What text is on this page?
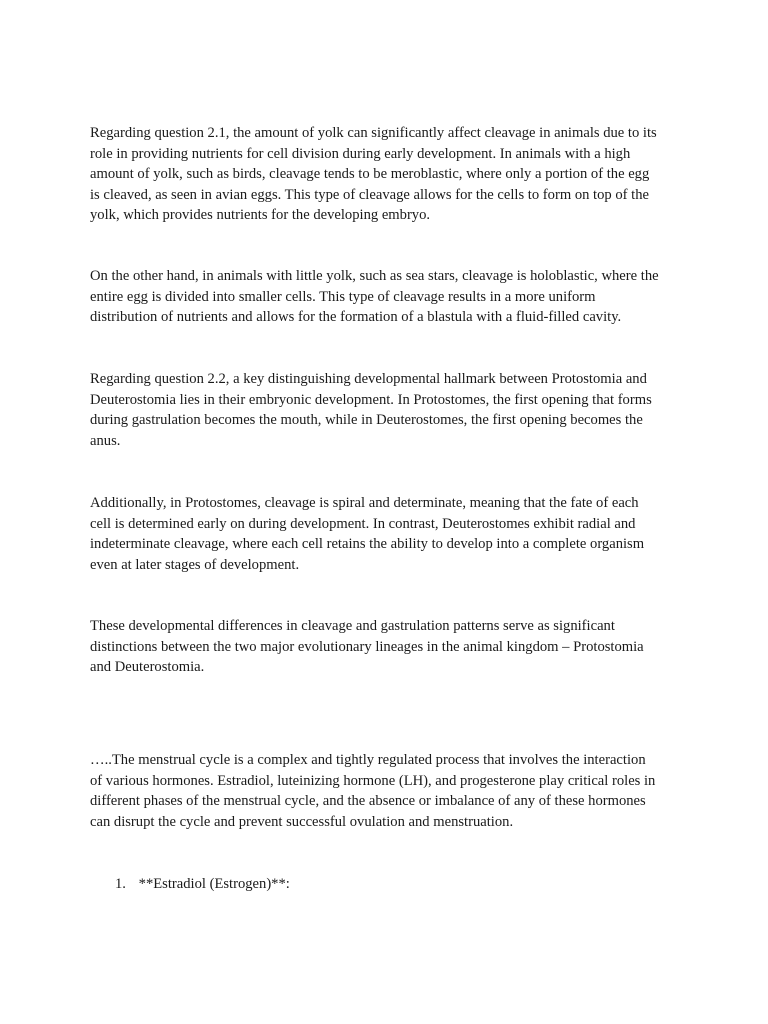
Regarding question 2.1, the amount of yolk can significantly affect cleavage in animals due to its
role in providing nutrients for cell division during early development. In animals with a high
amount of yolk, such as birds, cleavage tends to be meroblastic, where only a portion of the egg
is cleaved, as seen in avian eggs. This type of cleavage allows for the cells to form on top of the
yolk, which provides nutrients for the developing embryo.

On the other hand, in animals with little yolk, such as sea stars, cleavage is holoblastic, where the
entire egg is divided into smaller cells. This type of cleavage results in a more uniform
distribution of nutrients and allows for the formation of a blastula with a fluid-filled cavity.

Regarding question 2.2, a key distinguishing developmental hallmark between Protostomia and
Deuterostomia lies in their embryonic development. In Protostomes, the first opening that forms
during gastrulation becomes the mouth, while in Deuterostomes, the first opening becomes the
anus.

Additionally, in Protostomes, cleavage is spiral and determinate, meaning that the fate of each
cell is determined early on during development. In contrast, Deuterostomes exhibit radial and
indeterminate cleavage, where each cell retains the ability to develop into a complete organism
even at later stages of development.

These developmental differences in cleavage and gastrulation patterns serve as significant
distinctions between the two major evolutionary lineages in the animal kingdom – Protostomia
and Deuterostomia.

…..The menstrual cycle is a complex and tightly regulated process that involves the interaction
of various hormones. Estradiol, luteinizing hormone (LH), and progesterone play critical roles in
different phases of the menstrual cycle, and the absence or imbalance of any of these hormones
can disrupt the cycle and prevent successful ovulation and menstruation.

1. **Estradiol (Estrogen)**:
